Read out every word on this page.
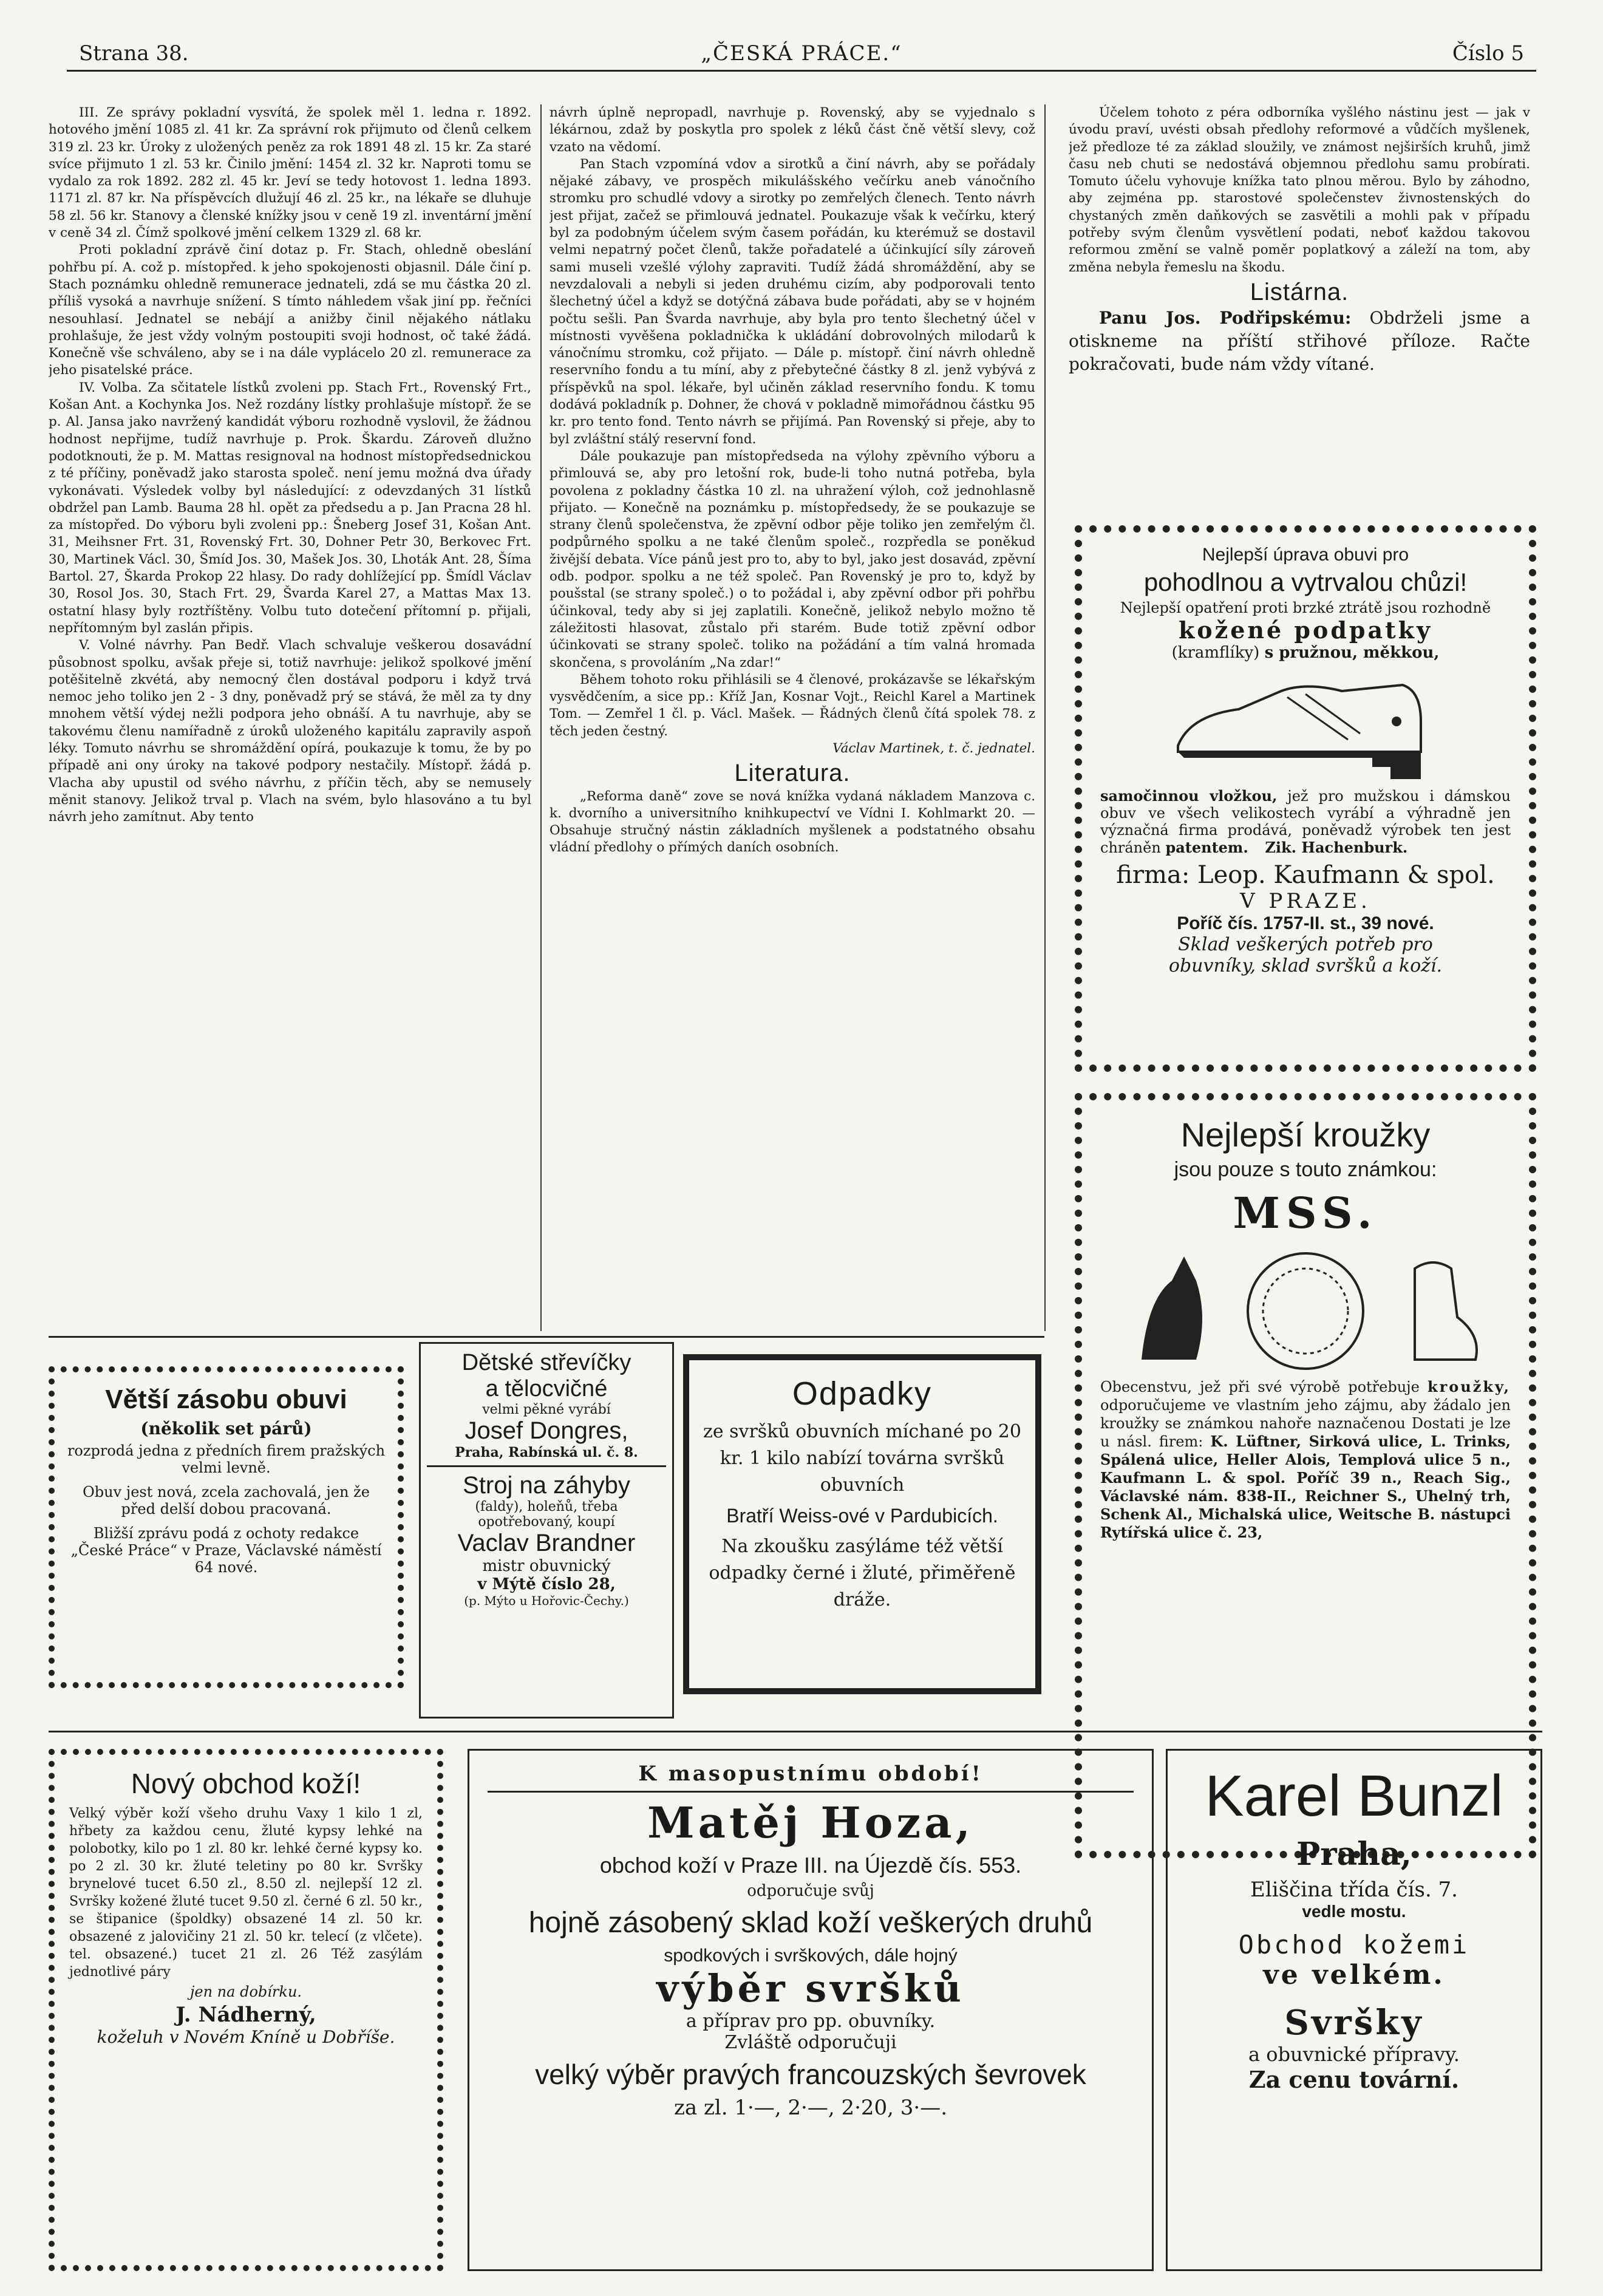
Strana 38.	„ČESKÁ PRÁCE.“	Číslo 5

III. Ze správy pokladní vysvítá, že spolek měl 1. ledna r. 1892. hotového jmění 1085 zl. 41 kr. Za správní rok přijmuto od členů celkem 319 zl. 23 kr. Úroky z uložených peněz za rok 1891 48 zl. 15 kr. Za staré svíce přijmuto 1 zl. 53 kr. Činilo jmění: 1454 zl. 32 kr. Naproti tomu se vydalo za rok 1892. 282 zl. 45 kr. Jeví se tedy hotovost 1. ledna 1893. 1171 zl. 87 kr. Na příspěvcích dlužují 46 zl. 25 kr., na lékaře se dluhuje 58 zl. 56 kr. Stanovy a členské knížky jsou v ceně 19 zl. inventární jmění v ceně 34 zl. Čímž spolkové jmění celkem 1329 zl. 68 kr.

Proti pokladní zprávě činí dotaz p. Fr. Stach, ohledně obeslání pohřbu pí. A. což p. místopřed. k jeho spokojenosti objasnil. Dále činí p. Stach poznámku ohledně remunerace jednateli, zdá se mu částka 20 zl. příliš vysoká a navrhuje snížení. S tímto náhledem však jiní pp. řečníci nesouhlasí. Jednatel se nebájí a anižby činil nějakého nátlaku prohlašuje, že jest vždy volným postoupiti svoji hodnost, oč také žádá. Konečně vše schváleno, aby se i na dále vyplácelo 20 zl. remunerace za jeho pisatelské práce.

IV. Volba. Za sčitatele lístků zvoleni pp. Stach Frt., Rovenský Frt., Košan Ant. a Kochynka Jos. Než rozdány lístky prohlašuje místopř. že se p. Al. Jansa jako navržený kandidát výboru rozhodně vyslovil, že žádnou hodnost nepřijme, tudíž navrhuje p. Prok. Škardu. Zároveň dlužno podotknouti, že p. M. Mattas resignoval na hodnost místopředsednickou z té příčiny, poněvadž jako starosta společ. není jemu možná dva úřady vykonávati. Výsledek volby byl následující: z odevzdaných 31 lístků obdržel pan Lamb. Bauma 28 hl. opět za předsedu a p. Jan Pracna 28 hl. za místopřed. Do výboru byli zvoleni pp.: Šneberg Josef 31, Košan Ant. 31, Meihsner Frt. 31, Rovenský Frt. 30, Dohner Petr 30, Berkovec Frt. 30, Martinek Václ. 30, Šmíd Jos. 30, Mašek Jos. 30, Lhoták Ant. 28, Šíma Bartol. 27, Škarda Prokop 22 hlasy. Do rady dohlížející pp. Šmídl Václav 30, Rosol Jos. 30, Stach Frt. 29, Švarda Karel 27, a Mattas Max 13. ostatní hlasy byly roztříštěny. Volbu tuto dotečení přítomní p. přijali, nepřítomným byl zaslán připis.

V. Volné návrhy. Pan Bedř. Vlach schvaluje veškerou dosavádní působnost spolku, avšak přeje si, totiž navrhuje: jelikož spolkové jmění potěšitelně zkvétá, aby nemocný člen dostával podporu i když trvá nemoc jeho toliko jen 2 - 3 dny, poněvadž prý se stává, že měl za ty dny mnohem větší výdej nežli podpora jeho obnáší. A tu navrhuje, aby se takovému členu namířadně z úroků uloženého kapitálu zapravily aspoň léky. Tomuto návrhu se shromáždění opírá, poukazuje k tomu, že by po případě ani ony úroky na takové podpory nestačily. Místopř. žádá p. Vlacha aby upustil od svého návrhu, z příčin těch, aby se nemusely měnit stanovy. Jelikož trval p. Vlach na svém, bylo hlasováno a tu byl návrh jeho zamítnut. Aby tento

návrh úplně nepropadl, navrhuje p. Rovenský, aby se vyjednalo s lékárnou, zdaž by poskytla pro spolek z léků část čně větší slevy, což vzato na vědomí.

Pan Stach vzpomíná vdov a sirotků a činí návrh, aby se pořádaly nějaké zábavy, ve prospěch mikulášského večírku aneb vánočního stromku pro schudlé vdovy a sirotky po zemřelých členech. Tento návrh jest přijat, začež se přimlouvá jednatel. Poukazuje však k večírku, který byl za podobným účelem svým časem pořádán, ku kterémuž se dostavil velmi nepatrný počet členů, takže pořadatelé a účinkující síly zároveň sami museli vzešlé výlohy zapraviti. Tudíž žádá shromáždění, aby se nevzdalovali a nebyli si jeden druhému cizím, aby podporovali tento šlechetný účel a když se dotýčná zábava bude pořádati, aby se v hojném počtu sešli. Pan Švarda navrhuje, aby byla pro tento šlechetný účel v místnosti vyvěšena pokladnička k ukládání dobrovolných milodarů k vánočnímu stromku, což přijato. — Dále p. místopř. činí návrh ohledně reservního fondu a tu míní, aby z přebytečné částky 8 zl. jenž vybývá z příspěvků na spol. lékaře, byl učiněn základ reservního fondu. K tomu dodává pokladník p. Dohner, že chová v pokladně mimořádnou částku 95 kr. pro tento fond. Tento návrh se přijímá. Pan Rovenský si přeje, aby to byl zvláštní stálý reservní fond.

Dále poukazuje pan místopředseda na výlohy zpěvního výboru a přimlouvá se, aby pro letošní rok, bude-li toho nutná potřeba, byla povolena z pokladny částka 10 zl. na uhražení výloh, což jednohlasně přijato. — Konečně na poznámku p. místopředsedy, že se poukazuje se strany členů společenstva, že zpěvní odbor pěje toliko jen zemřelým čl. podpůrného spolku a ne také členům společ., rozpředla se poněkud živější debata. Více pánů jest pro to, aby to byl, jako jest dosavád, zpěvní odb. podpor. spolku a ne též společ. Pan Rovenský je pro to, když by poušstal (se strany společ.) o to požádal i, aby zpěvní odbor při pohřbu účinkoval, tedy aby si jej zaplatili. Konečně, jelikož nebylo možno tě záležitosti hlasovat, zůstalo při starém. Bude totiž zpěvní odbor účinkovati se strany společ. toliko na požádání a tím valná hromada skončena, s provoláním „Na zdar!“

Během tohoto roku přihlásili se 4 členové, prokázavše se lékařským vysvědčením, a sice pp.: Kříž Jan, Kosnar Vojt., Reichl Karel a Martinek Tom. — Zemřel 1 čl. p. Václ. Mašek. — Řádných členů čítá spolek 78. z těch jeden čestný.

Václav Martinek, t. č. jednatel.
Literatura.

„Reforma daně“ zove se nová knížka vydaná nákladem Manzova c. k. dvorního a universitního knihkupectví ve Vídni I. Kohlmarkt 20. — Obsahuje stručný nástin základních myšlenek a podstatného obsahu vládní předlohy o přímých daních osobních.

Účelem tohoto z péra odborníka vyšlého nástinu jest — jak v úvodu praví, uvésti obsah předlohy reformové a vůdčích myšlenek, jež předloze té za základ sloužily, ve známost nejširších kruhů, jimž času neb chuti se nedostává objemnou předlohu samu probírati. Tomuto účelu vyhovuje knížka tato plnou měrou. Bylo by záhodno, aby zejména pp. starostové společenstev živnostenských do chystaných změn daňkových se zasvětili a mohli pak v případu potřeby svým členům vysvětlení podati, neboť každou takovou reformou změní se valně poměr poplatkový a záleží na tom, aby změna nebyla řemeslu na škodu.

Listárna.

Panu Jos. Podřipskému: Obdrželi jsme a otiskneme na příští střihové příloze. Račte pokračovati, bude nám vždy vítané.

Nejlepší úprava obuvi pro
pohodlnou a vytrvalou chůzi!
Nejlepší opatření proti brzké ztrátě jsou rozhodně
kožené podpatky
(kramflíky) s pružnou, měkkou,
samočinnou vložkou, jež pro mužskou i dámskou obuv ve všech velikostech vyrábí a výhradně jen význačná firma prodává, poněvadž výrobek ten jest chráněn patentem. Zik. Hachenburk.
firma: Leop. Kaufmann & spol.
V PRAZE.
Poříč čís. 1757-II. st., 39 nové.
Sklad veškerých potřeb pro
obuvníky, sklad svršků a koží.
Nejlepší kroužky
jsou pouze s touto známkou:
MSS.
Obecenstvu, jež při své výrobě potřebuje kroužky, odporučujeme ve vlastním jeho zájmu, aby žádalo jen kroužky se známkou nahoře naznačenou Dostati je lze u násl. firem: K. Lüftner, Sirková ulice, L. Trinks, Spálená ulice, Heller Alois, Templová ulice 5 n., Kaufmann L. & spol. Poříč 39 n., Reach Sig., Václavské nám. 838-II., Reichner S., Uhelný trh, Schenk Al., Michalská ulice, Weitsche B. nástupci Rytířská ulice č. 23,
Větší zásobu obuvi
(několik set párů)
rozprodá jedna z předních firem pražských velmi levně.
Obuv jest nová, zcela zachovalá, jen že před delší dobou pracovaná.
Bližší zprávu podá z ochoty redakce „České Práce“ v Praze, Václavské náměstí 64 nové.
Dětské střevíčky
a tělocvičné
velmi pěkné vyrábí
Josef Dongres,
Praha, Rabínská ul. č. 8.
Stroj na záhyby
(faldy), holeňů, třeba opotřebovaný, koupí
Vaclav Brandner
mistr obuvnický
v Mýtě číslo 28,
(p. Mýto u Hořovic-Čechy.)
Odpadky
ze svršků obuvních míchané po 20 kr. 1 kilo nabízí továrna svršků obuvních
Bratří Weiss-ové v Pardubicích.
Na zkoušku zasýláme též větší odpadky černé i žluté, přiměřeně dráže.
Nový obchod koží!
Velký výběr koží všeho druhu Vaxy 1 kilo 1 zl, hřbety za každou cenu, žluté kypsy lehké na polobotky, kilo po 1 zl. 80 kr. lehké černé kypsy ko. po 2 zl. 30 kr. žluté teletiny po 80 kr. Svršky brynelové tucet 6.50 zl., 8.50 zl. nejlepší 12 zl. Svršky kožené žluté tucet 9.50 zl. černé 6 zl. 50 kr., se štipanice (špoldky) obsazené 14 zl. 50 kr. obsazené z jalovičiny 21 zl. 50 kr. telecí (z vlčete). tel. obsazené.) tucet 21 zl. 26 Též zasýlám jednotlivé páry
jen na dobírku.
J. Nádherný,
koželuh v Novém Kníně u Dobříše.
K masopustnímu období!
Matěj Hoza,
obchod koží v Praze III. na Újezdě čís. 553.
odporučuje svůj
hojně zásobený sklad koží veškerých druhů
spodkových i svrškových, dále hojný
výběr svršků
a příprav pro pp. obuvníky.
Zvláště odporučuji
velký výběr pravých francouzských ševrovek
za zl. 1·—, 2·—, 2·20, 3·—.
Karel Bunzl
Praha,
Eliščina třída čís. 7.
vedle mostu.
Obchod kožemi
ve velkém.
Svršky
a obuvnické přípravy.
Za cenu tovární.
